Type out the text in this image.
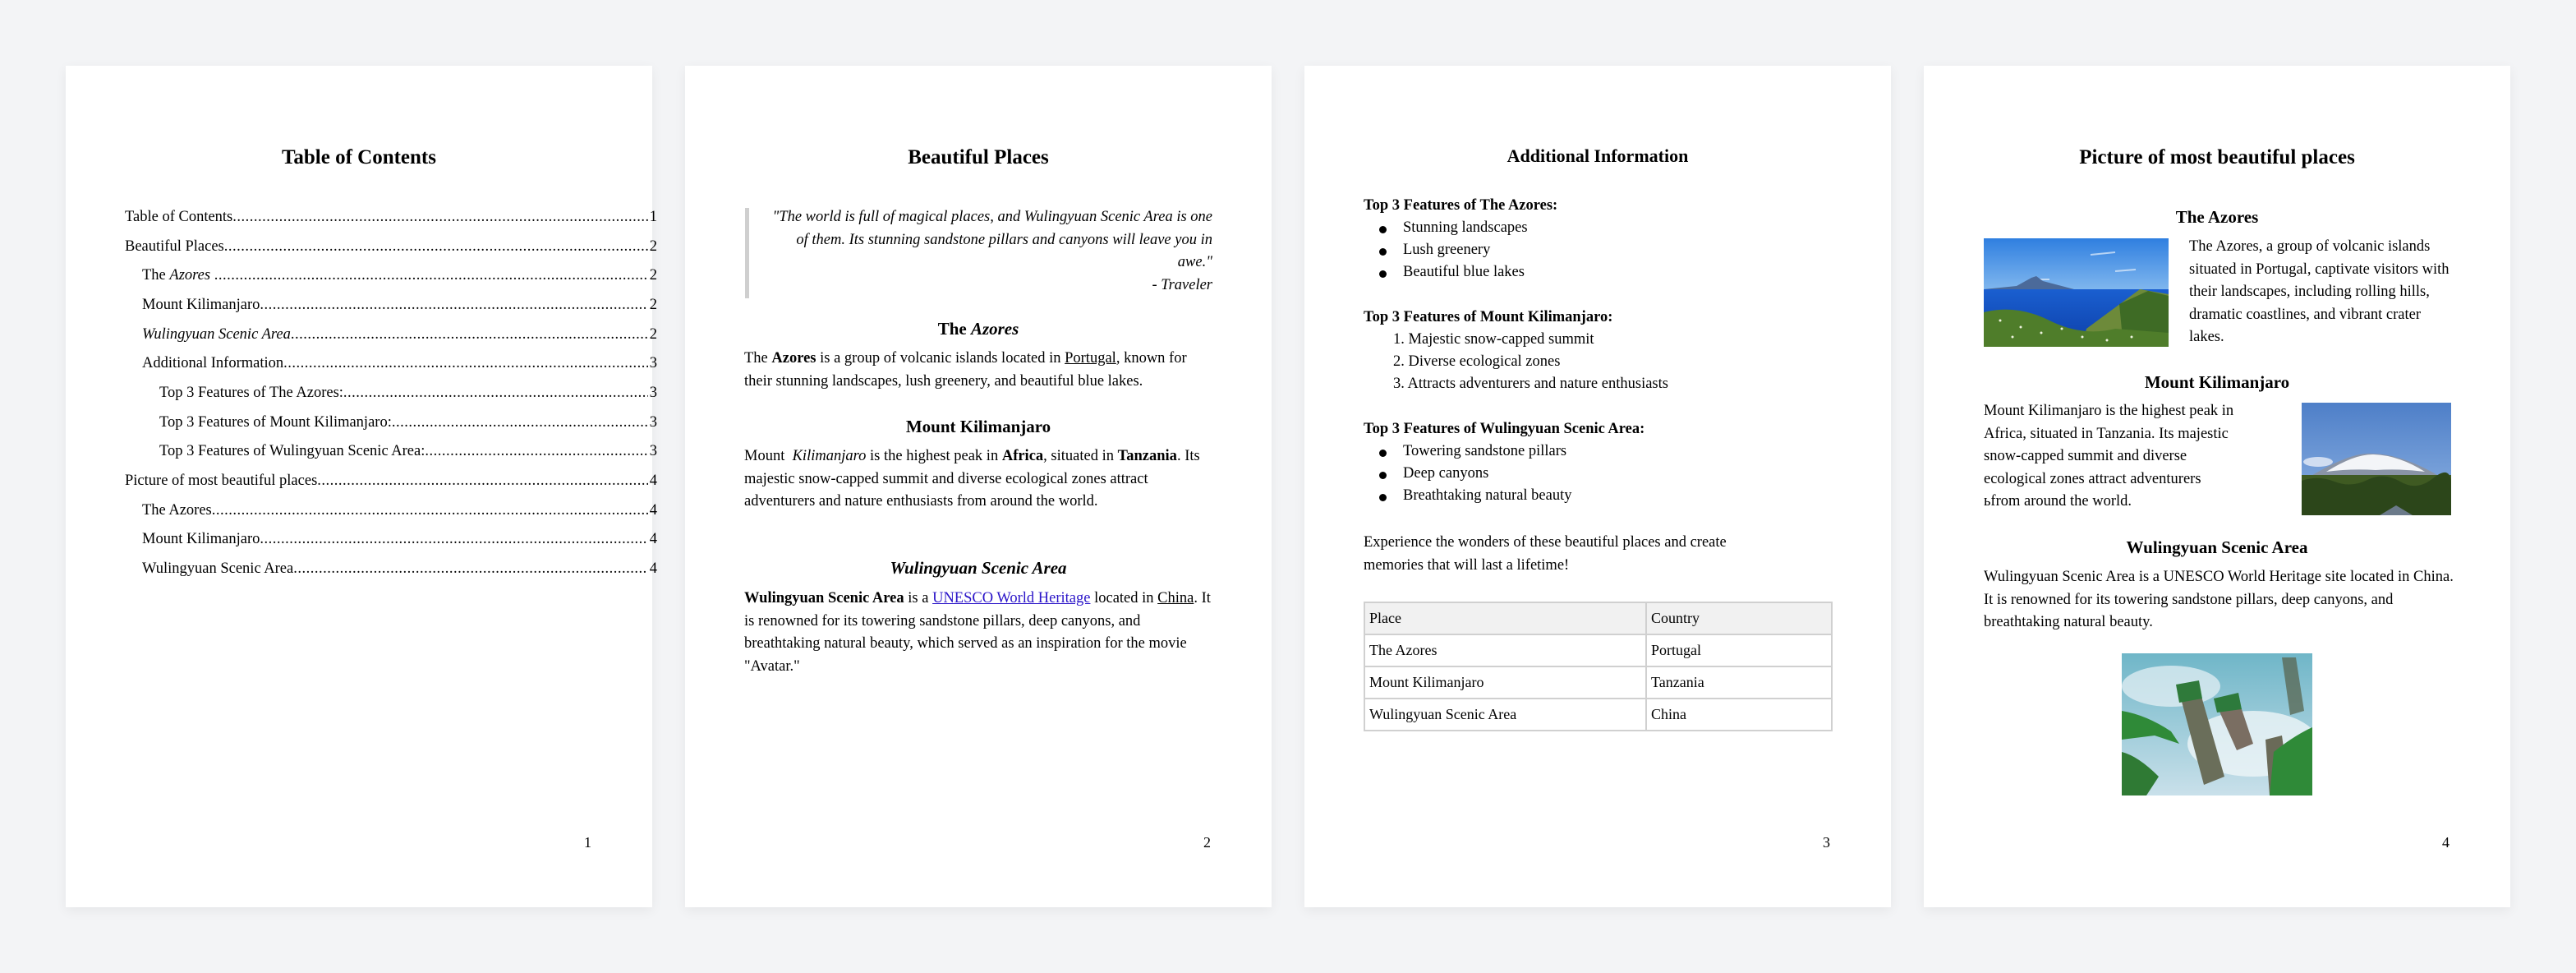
Table of Contents
Table of Contents .....	1
Beautiful Places .....	2
The Azores .....	2
Mount Kilimanjaro .....	2
Wulingyuan Scenic Area .....	2
Additional Information .....	3
Top 3 Features of The Azores: .....	3
Top 3 Features of Mount Kilimanjaro: .....	3
Top 3 Features of Wulingyuan Scenic Area: .....	3
Picture of most beautiful places .....	4
The Azores .....	4
Mount Kilimanjaro .....	4
Wulingyuan Scenic Area .....	4
1
Beautiful Places
"The world is full of magical places, and Wulingyuan Scenic Area is one of them. Its stunning sandstone pillars and canyons will leave you in awe."
- Traveler
The Azores
The Azores is a group of volcanic islands located in Portugal, known for their stunning landscapes, lush greenery, and beautiful blue lakes.
Mount Kilimanjaro
Mount  Kilimanjaro is the highest peak in Africa, situated in Tanzania. Its majestic snow-capped summit and diverse ecological zones attract adventurers and nature enthusiasts from around the world.
Wulingyuan Scenic Area
Wulingyuan Scenic Area is a UNESCO World Heritage located in China. It is renowned for its towering sandstone pillars, deep canyons, and breathtaking natural beauty, which served as an inspiration for the movie "Avatar."
2
Additional Information
Top 3 Features of The Azores:
Stunning landscapes
Lush greenery
Beautiful blue lakes
Top 3 Features of Mount Kilimanjaro:
1. Majestic snow-capped summit
2. Diverse ecological zones
3. Attracts adventurers and nature enthusiasts
Top 3 Features of Wulingyuan Scenic Area:
Towering sandstone pillars
Deep canyons
Breathtaking natural beauty
Experience the wonders of these beautiful places and create memories that will last a lifetime!
Place	Country
The Azores	Portugal
Mount Kilimanjaro	Tanzania
Wulingyuan Scenic Area	China
3
Picture of most beautiful places
The Azores
The Azores, a group of volcanic islands situated in Portugal, captivate visitors with their landscapes, including rolling hills, dramatic coastlines, and vibrant crater lakes.
Mount Kilimanjaro
Mount Kilimanjaro is the highest peak in Africa, situated in Tanzania. Its majestic snow-capped summit and diverse ecological zones attract adventurers ьfrom around the world.
Wulingyuan Scenic Area
Wulingyuan Scenic Area is a UNESCO World Heritage site located in China. It is renowned for its towering sandstone pillars, deep canyons, and breathtaking natural beauty.
4
